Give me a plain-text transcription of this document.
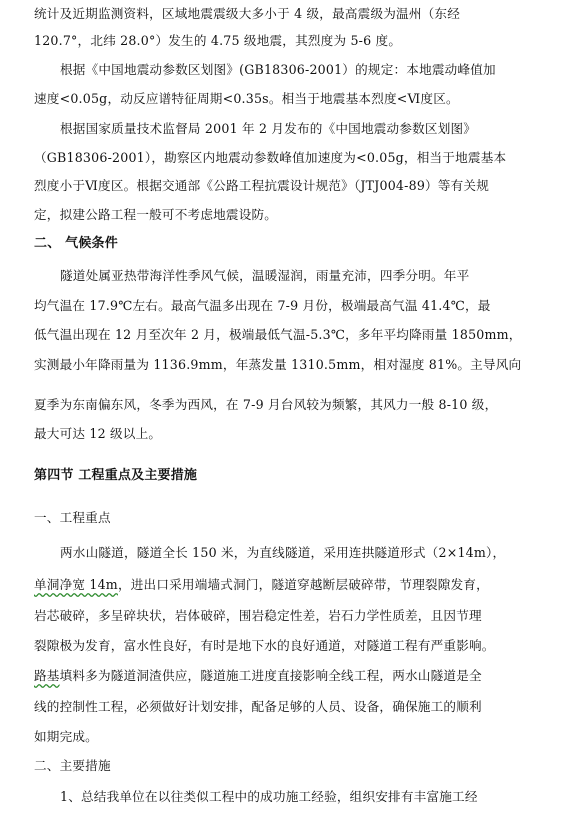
统计及近期监测资料，区域地震震级大多小于 4 级，最高震级为温州（东经
120.7°，北纬 28.0°）发生的 4.75 级地震，其烈度为 5-6 度。
根据《中国地震动参数区划图》(GB18306-2001）的规定：本地震动峰值加
速度<0.05g，动反应谱特征周期<0.35s。相当于地震基本烈度<Ⅵ度区。
根据国家质量技术监督局 2001 年 2 月发布的《中国地震动参数区划图》
（GB18306-2001），勘察区内地震动参数峰值加速度为<0.05g，相当于地震基本
烈度小于Ⅵ度区。根据交通部《公路工程抗震设计规范》（JTJ004-89）等有关规
定，拟建公路工程一般可不考虑地震设防。
二、 气候条件
隧道处属亚热带海洋性季风气候，温暖湿润，雨量充沛，四季分明。年平
均气温在 17.9℃左右。最高气温多出现在 7-9 月份，极端最高气温 41.4℃，最
低气温出现在 12 月至次年 2 月，极端最低气温-5.3℃，多年平均降雨量 1850mm，
实测最小年降雨量为 1136.9mm，年蒸发量 1310.5mm，相对湿度 81%。主导风向
夏季为东南偏东风，冬季为西风，在 7-9 月台风较为频繁，其风力一般 8-10 级，
最大可达 12 级以上。
第四节 工程重点及主要措施
一、工程重点
两水山隧道，隧道全长 150 米，为直线隧道，采用连拱隧道形式（2×14m），
单洞净宽 14m，进出口采用端墙式洞门，隧道穿越断层破碎带，节理裂隙发育，
岩芯破碎，多呈碎块状，岩体破碎，围岩稳定性差，岩石力学性质差，且因节理
裂隙极为发育，富水性良好，有时是地下水的良好通道，对隧道工程有严重影响。
路基填料多为隧道洞渣供应，隧道施工进度直接影响全线工程，两水山隧道是全
线的控制性工程，必须做好计划安排，配备足够的人员、设备，确保施工的顺利
如期完成。
二、主要措施
1、总结我单位在以往类似工程中的成功施工经验，组织安排有丰富施工经
